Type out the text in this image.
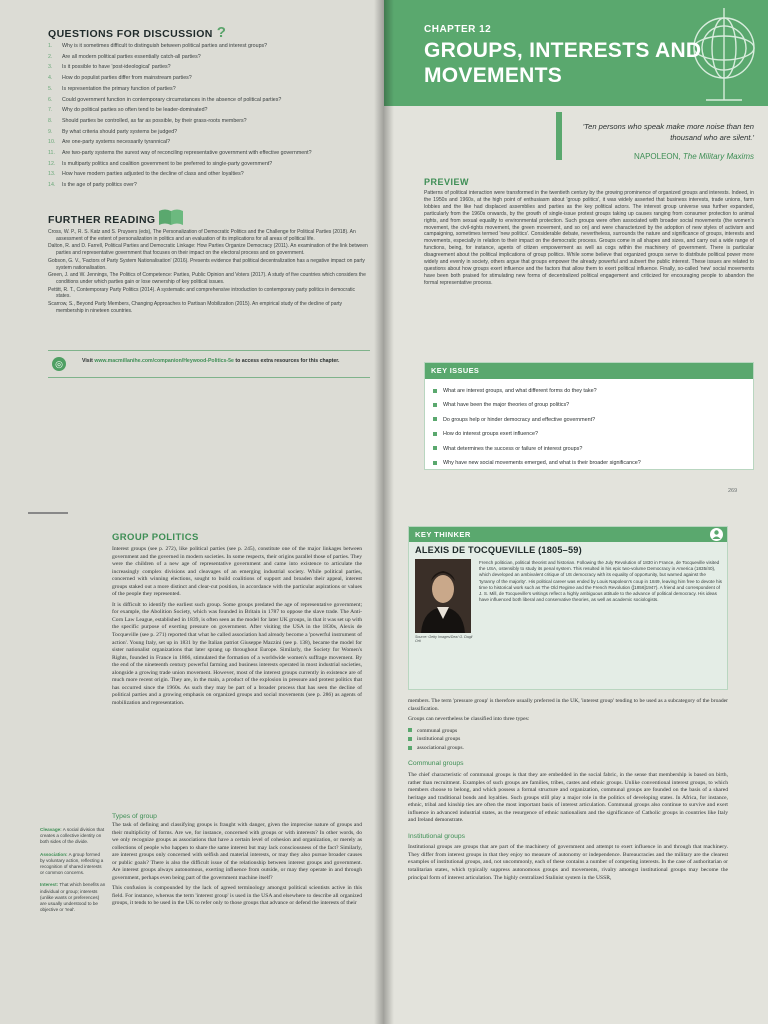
QUESTIONS FOR DISCUSSION ?
1.	Why is it sometimes difficult to distinguish between political parties and interest groups?
2.	Are all modern political parties essentially catch-all parties?
3.	Is it possible to have 'post-ideological' parties?
4.	How do populist parties differ from mainstream parties?
5.	Is representation the primary function of parties?
6.	Could government function in contemporary circumstances in the absence of political parties?
7.	Why do political parties so often tend to be leader-dominated?
8.	Should parties be controlled, as far as possible, by their grass-roots members?
9.	By what criteria should party systems be judged?
10.	Are one-party systems necessarily tyrannical?
11.	Are two-party systems the surest way of reconciling representative government with effective government?
12.	Is multiparty politics and coalition government to be preferred to single-party government?
13.	How have modern parties adjusted to the decline of class and other loyalties?
14.	Is the age of party politics over?
FURTHER READING

Cross, W. P., R. S. Katz and S. Pruysers (eds), The Personalization of Democratic Politics and the Challenge for Political Parties (2018). An assessment of the extent of personalization in politics and an evaluation of its implications for all areas of political life.

Dalton, R. and D. Farrell, Political Parties and Democratic Linkage: How Parties Organize Democracy (2011). An examination of the link between parties and representative government that focuses on their impact on the electoral process and on government.

Gobson, G. V., 'Factors of Party System Nationalisation' (2016). Presents evidence that political decentralization has a negative impact on party system nationalisation.

Green, J. and W. Jennings, The Politics of Competence: Parties, Public Opinion and Voters (2017). A study of five countries which considers the conditions under which parties gain or lose ownership of key political issues.

Pettitt, R. T., Contemporary Party Politics (2014). A systematic and comprehensive introduction to contemporary party politics in democratic states.

Scarrow, S., Beyond Party Members, Changing Approaches to Partisan Mobilization (2015). An empirical study of the decline of party membership in nineteen countries.

◎	Visit www.macmillanihe.com/companion/Heywood-Politics-5e to access extra resources for this chapter.
CHAPTER 12
GROUPS, INTERESTS AND MOVEMENTS
'Ten persons who speak make more noise than ten thousand who are silent.'
NAPOLEON, The Military Maxims
PREVIEW
Patterns of political interaction were transformed in the twentieth century by the growing prominence of organized groups and interests. Indeed, in the 1950s and 1960s, at the high point of enthusiasm about 'group politics', it was widely asserted that business interests, trade unions, farm lobbies and the like had displaced assemblies and parties as the key political actors. The interest group universe was further expanded, particularly from the 1960s onwards, by the growth of single-issue protest groups taking up causes ranging from consumer protection to animal rights, and from sexual equality to environmental protection. Such groups were often associated with broader social movements (the women's movement, the civil-rights movement, the green movement, and so on) and were characterized by the adoption of new styles of activism and campaigning, sometimes termed 'new politics'. Considerable debate, nevertheless, surrounds the nature and significance of groups, interests and movements, especially in relation to their impact on the democratic process. Groups come in all shapes and sizes, and carry out a wide range of functions, being, for instance, agents of citizen empowerment as well as cogs within the machinery of government. There is particular disagreement about the political implications of group politics. While some believe that organized groups serve to distribute political power more widely and evenly in society, others argue that groups empower the already powerful and subvert the public interest. These issues are related to questions about how groups exert influence and the factors that allow them to exert political influence. Finally, so-called 'new' social movements have been both praised for stimulating new forms of decentralized political engagement and criticized for encouraging people to abandon the formal representative process.
KEY ISSUES
What are interest groups, and what different forms do they take?
What have been the major theories of group politics?
Do groups help or hinder democracy and effective government?
How do interest groups exert influence?
What determines the success or failure of interest groups?
Why have new social movements emerged, and what is their broader significance?
269
GROUP POLITICS

Interest groups (see p. 272), like political parties (see p. 245), constitute one of the major linkages between government and the governed in modern societies. In some respects, their origins parallel those of parties. They were the children of a new age of representative government and came into existence to articulate the increasingly complex divisions and cleavages of an emerging industrial society. While political parties, concerned with winning elections, sought to build coalitions of support and broaden their appeal, interest groups staked out a more distinct and clear-cut position, in accordance with the particular aspirations or values of the people they represented.

It is difficult to identify the earliest such group. Some groups predated the age of representative government; for example, the Abolition Society, which was founded in Britain in 1787 to oppose the slave trade. The Anti-Corn Law League, established in 1839, is often seen as the model for later UK groups, in that it was set up with the specific purpose of exerting pressure on government. After visiting the USA in the 1830s, Alexis de Tocqueville (see p. 271) reported that what he called association had already become a 'powerful instrument of action'. Young Italy, set up in 1831 by the Italian patriot Giuseppe Mazzini (see p. 138), became the model for sister nationalist organizations that later sprang up throughout Europe. Similarly, the Society for Women's Rights, founded in France in 1866, stimulated the formation of a worldwide women's suffrage movement. By the end of the nineteenth century powerful farming and business interests operated in most industrial societies, alongside a growing trade union movement. However, most of the interest groups currently in existence are of much more recent origin. They are, in the main, a product of the explosion in pressure and protest politics that has occurred since the 1960s. As such they may be part of a broader process that has seen the decline of political parties and a growing emphasis on organized groups and social movements (see p. 286) as agents of mobilization and representation.

Types of group

The task of defining and classifying groups is fraught with danger, given the imprecise nature of groups and their multiplicity of forms. Are we, for instance, concerned with groups or with interests? In other words, do we only recognize groups as associations that have a certain level of cohesion and organization, or merely as collections of people who happen to share the same interest but may lack consciousness of the fact? Similarly, are interest groups only concerned with selfish and material interests, or may they also pursue broader causes or public goals? There is also the difficult issue of the relationship between interest groups and government. Are interest groups always autonomous, exerting influence from outside, or may they operate in and through government, perhaps even being part of the government machine itself?

This confusion is compounded by the lack of agreed terminology amongst political scientists active in this field. For instance, whereas the term 'interest group' is used in the USA and elsewhere to describe all organized groups, it tends to be used in the UK to refer only to those groups that advance or defend the interests of their

Cleavage: A social division that creates a collective identity on both sides of the divide.

Association: A group formed by voluntary action, reflecting a recognition of shared interests or common concerns.

Interest: That which benefits an individual or group; interests (unlike wants or preferences) are usually understood to be objective or 'real'.

KEY THINKER
ALEXIS DE TOCQUEVILLE (1805–59)
Source: Getty Images/Dea/ G. Dagli Orti
French politician, political theorist and historian. Following the July Revolution of 1830 in France, de Tocqueville visited the USA, ostensibly to study its penal system. This resulted in his epic two-volume Democracy in America (1835/40), which developed an ambivalent critique of US democracy with its equality of opportunity, but warned against the 'tyranny of the majority'. His political career was ended by Louis Napoleon's coup in 1849, leaving him free to devote his time to historical work such as The Old Regime and the French Revolution ([1856]1947). A friend and correspondent of J. S. Mill, de Tocqueville's writings reflect a highly ambiguous attitude to the advance of political democracy. His ideas have influenced both liberal and conservative theories, as well as academic sociologists.

members. The term 'pressure group' is therefore usually preferred in the UK, 'interest group' tending to be used as a subcategory of the broader classification.

Groups can nevertheless be classified into three types:

communal groups
institutional groups
associational groups.
Communal groups

The chief characteristic of communal groups is that they are embedded in the social fabric, in the sense that membership is based on birth, rather than recruitment. Examples of such groups are families, tribes, castes and ethnic groups. Unlike conventional interest groups, to which members choose to belong, and which possess a formal structure and organization, communal groups are founded on the basis of a shared heritage and traditional bonds and loyalties. Such groups still play a major role in the politics of developing states. In Africa, for instance, ethnic, tribal and kinship ties are often the most important basis of interest articulation. Communal groups also continue to survive and exert influence in advanced industrial states, as the resurgence of ethnic nationalism and the significance of Catholic groups in countries like Italy and Ireland demonstrate.

Institutional groups

Institutional groups are groups that are part of the machinery of government and attempt to exert influence in and through that machinery. They differ from interest groups in that they enjoy no measure of autonomy or independence. Bureaucracies and the military are the clearest examples of institutional groups, and, not uncommonly, each of these contains a number of competing interests. In the case of authoritarian or totalitarian states, which typically suppress autonomous groups and movements, rivalry amongst institutional groups may become the principal form of interest articulation. The highly centralized Stalinist system in the USSR,
